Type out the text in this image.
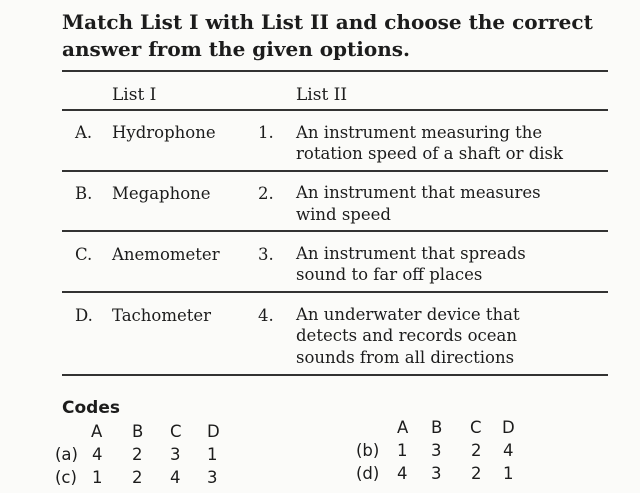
Match List I with List II and choose the correct answer from the given options.
List I	List II
A. Hydrophone	1. An instrument measuring the
rotation speed of a shaft or disk
B. Megaphone	2. An instrument that measures
wind speed
C. Anemometer 3. An instrument that spreads
sound to far off places
D. Tachometer	4. An underwater device that
detects and records ocean
sounds from all directions
Codes
A B C D	A B C D
(a) 4 2 3 1	(b) 1 3 2 4
(c) 1 2 4 3	(d) 4 3 2 1
